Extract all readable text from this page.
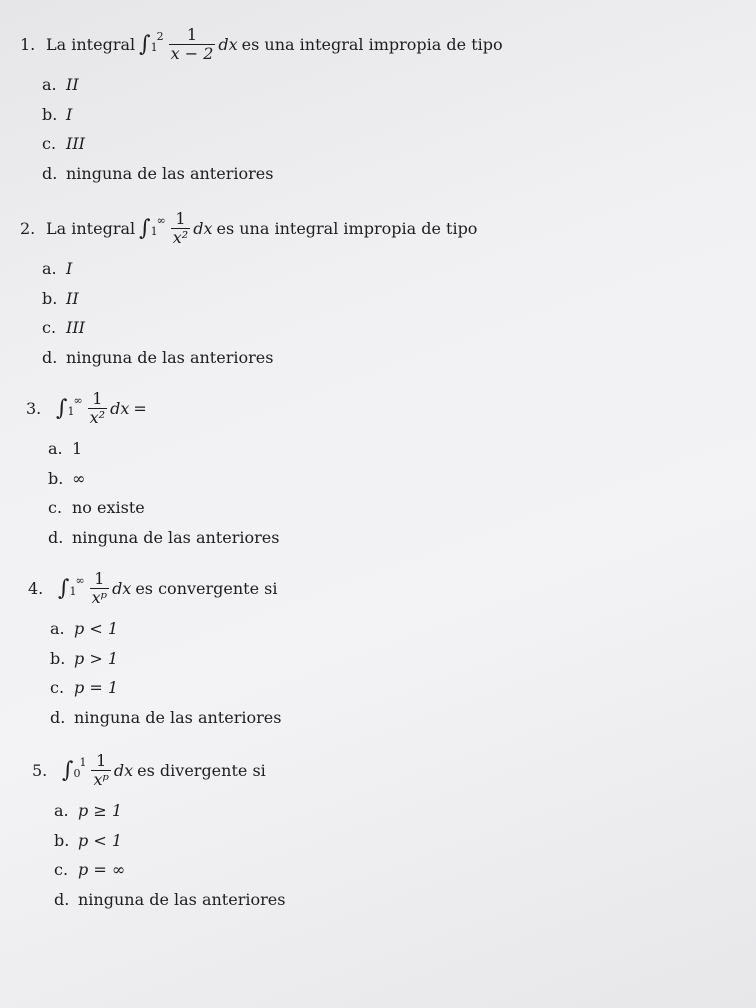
1. La integral ∫ 2
$1 \frac{1}{x - 2}$ dx es una integral impropia de tipo
a. II
b. I
c. III
d. ninguna de las anteriores
2. La integral ∫ ∞
$1 \frac{1}{\text{x²}}$ dx es una integral impropia de tipo
a. I
b. II
c. III
d. ninguna de las anteriores
3. ∫ ∞
$1 \frac{1}{\text{x²}}$ dx =
a. 1
b. ∞
c. no existe
d. ninguna de las anteriores
4. ∫ ∞
$1 \frac{1}{\text{xᵖ}}$ dx es convergente si
a. p < 1
b. p > 1
c. p = 1
d. ninguna de las anteriores
5. ∫ 1
$0 \frac{1}{\text{xᵖ}}$ dx es divergente si
a. p ≥ 1
b. p < 1
c. p = ∞
d. ninguna de las anteriores
